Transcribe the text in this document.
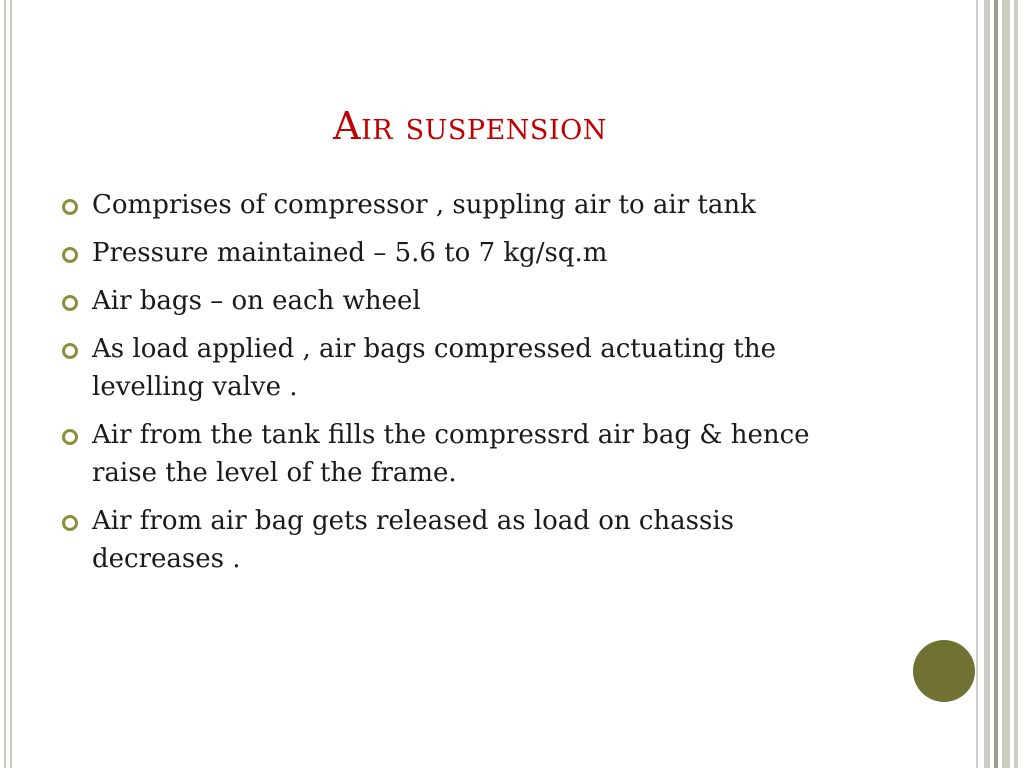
Air suspension
Comprises of compressor , suppling air to air tank
Pressure maintained – 5.6 to 7 kg/sq.m
Air bags – on each wheel
As load applied , air bags compressed actuating the levelling valve .
Air from the tank fills the compressrd air bag & hence raise the level of the frame.
Air from air bag gets released as load on chassis decreases .
